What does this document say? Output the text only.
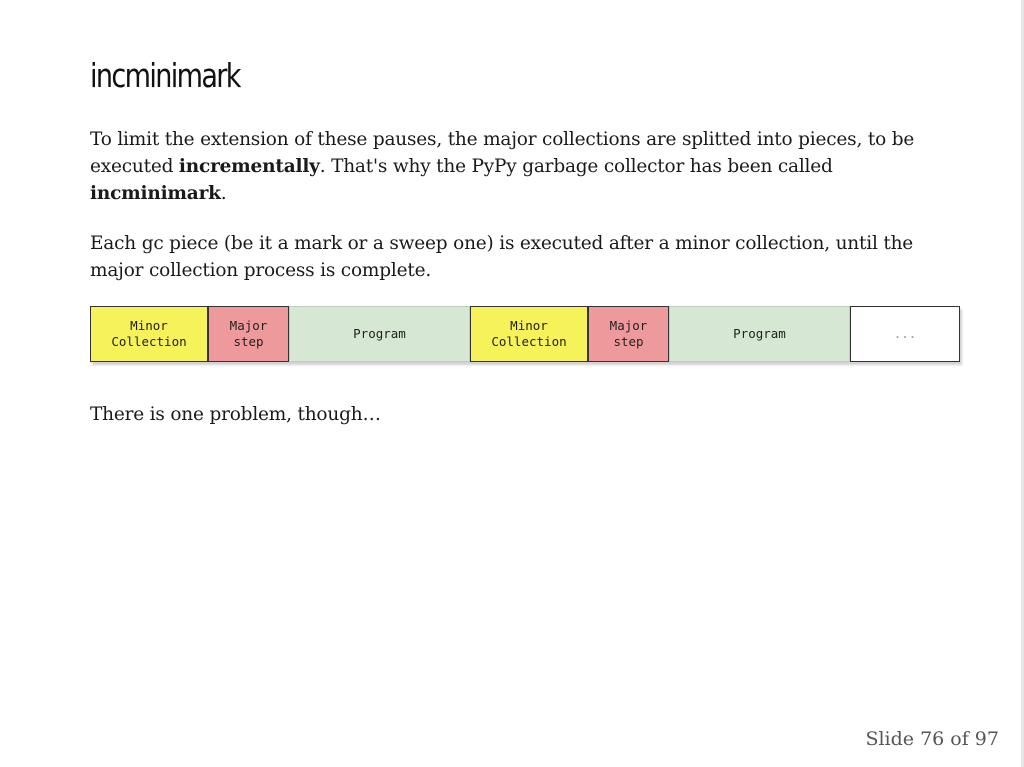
incminimark

To limit the extension of these pauses, the major collections are splitted into pieces, to be executed incrementally. That's why the PyPy garbage collector has been called incminimark.

Each gc piece (be it a mark or a sweep one) is executed after a minor collection, until the major collection process is complete.

Minor
Collection
Major
step
Program
Minor
Collection
Major
step
Program	...

There is one problem, though…

Slide 76 of 97
